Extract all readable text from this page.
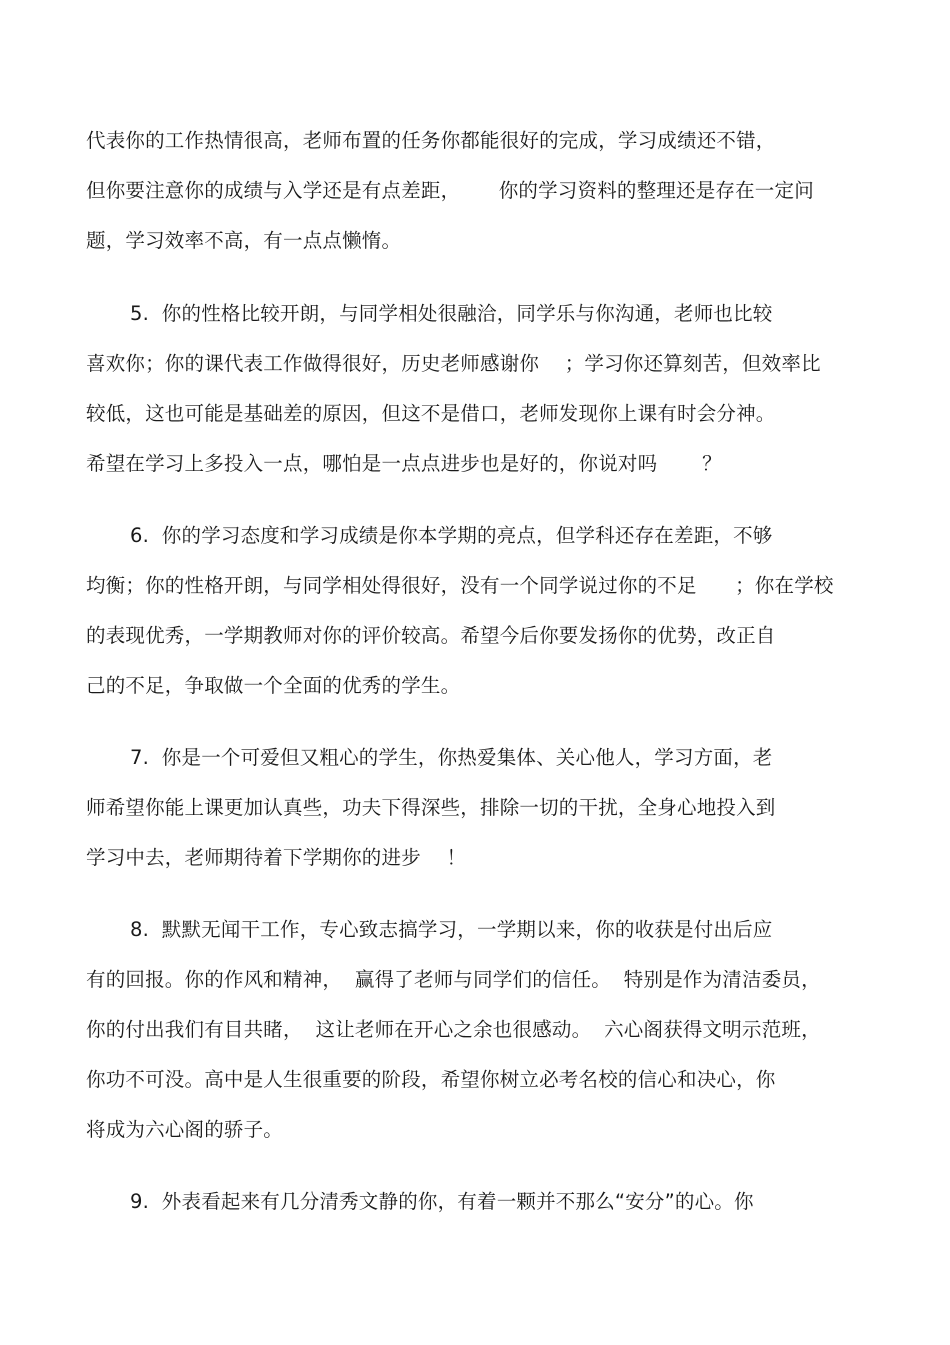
代表你的工作热情很高，老师布置的任务你都能很好的完成，学习成绩还不错，
但你要注意你的成绩与入学还是有点差距，      你的学习资料的整理还是存在一定问
题，学习效率不高，有一点点懒惰。
5.  你的性格比较开朗，与同学相处很融洽，同学乐与你沟通，老师也比较
喜欢你；你的课代表工作做得很好，历史老师感谢你    ；学习你还算刻苦，但效率比
较低，这也可能是基础差的原因，但这不是借口，老师发现你上课有时会分神。
希望在学习上多投入一点，哪怕是一点点进步也是好的，你说对吗       ？
6.  你的学习态度和学习成绩是你本学期的亮点，但学科还存在差距，不够
均衡；你的性格开朗，与同学相处得很好，没有一个同学说过你的不足      ；你在学校
的表现优秀，一学期教师对你的评价较高。希望今后你要发扬你的优势，改正自
己的不足，争取做一个全面的优秀的学生。
7.  你是一个可爱但又粗心的学生，你热爱集体、关心他人，学习方面，老
师希望你能上课更加认真些，功夫下得深些，排除一切的干扰，全身心地投入到
学习中去，老师期待着下学期你的进步    ！
8.  默默无闻干工作，专心致志搞学习，一学期以来，你的收获是付出后应
有的回报。你的作风和精神，  赢得了老师与同学们的信任。  特别是作为清洁委员，
你的付出我们有目共睹，  这让老师在开心之余也很感动。  六心阁获得文明示范班，
你功不可没。高中是人生很重要的阶段，希望你树立必考名校的信心和决心，你
将成为六心阁的骄子。
9.  外表看起来有几分清秀文静的你，有着一颗并不那么“安分”的心。你
